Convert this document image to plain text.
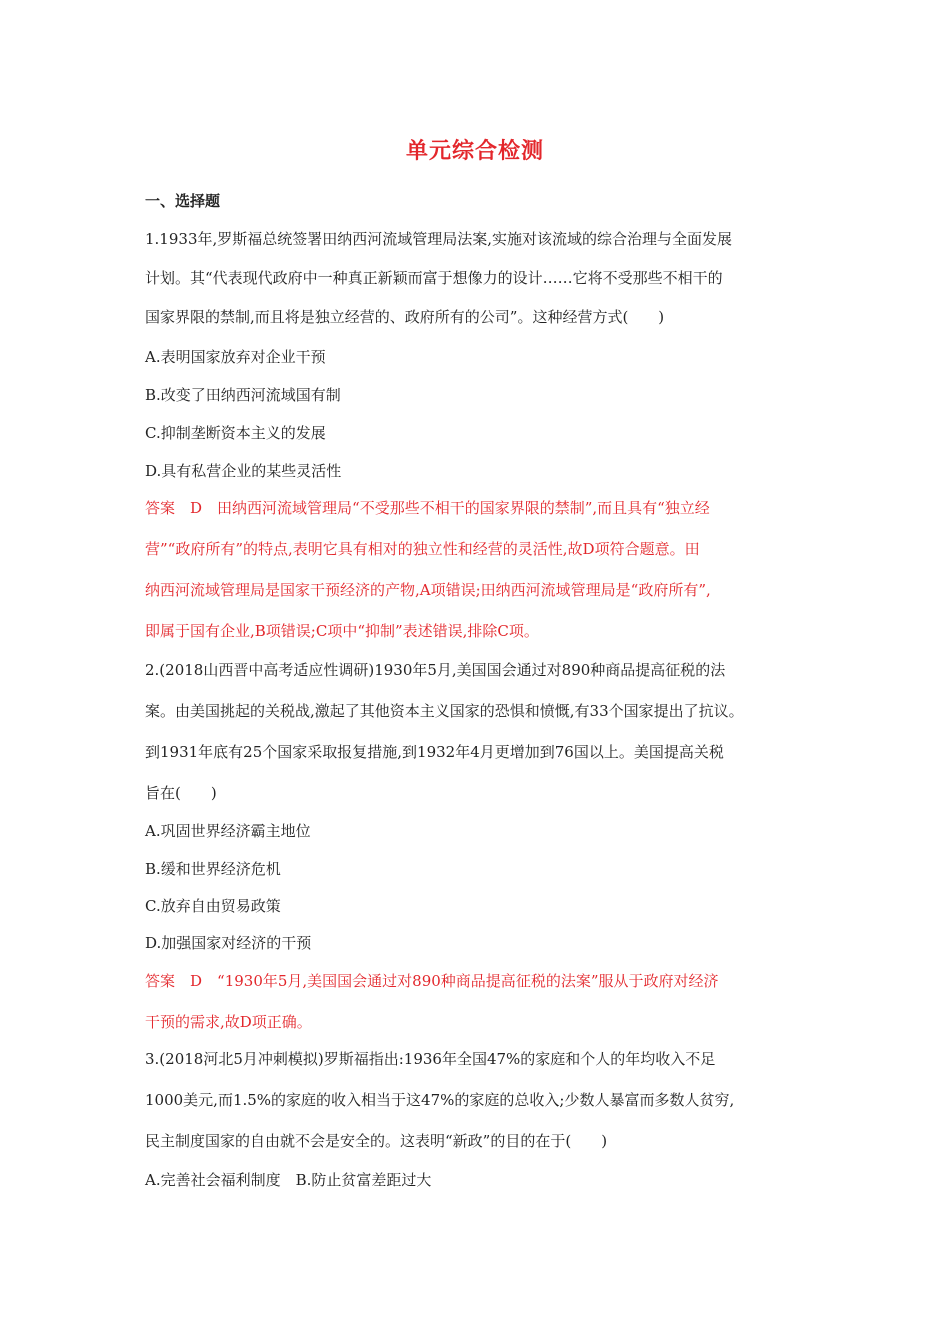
单元综合检测
一、选择题
1.1933年,罗斯福总统签署田纳西河流域管理局法案,实施对该流域的综合治理与全面发展
计划。其“代表现代政府中一种真正新颖而富于想像力的设计……它将不受那些不相干的
国家界限的禁制,而且将是独立经营的、政府所有的公司”。这种经营方式(　　)
A.表明国家放弃对企业干预
B.改变了田纳西河流域国有制
C.抑制垄断资本主义的发展
D.具有私营企业的某些灵活性
答案　D　田纳西河流域管理局“不受那些不相干的国家界限的禁制”,而且具有“独立经
营”“政府所有”的特点,表明它具有相对的独立性和经营的灵活性,故D项符合题意。田
纳西河流域管理局是国家干预经济的产物,A项错误;田纳西河流域管理局是“政府所有”,
即属于国有企业,B项错误;C项中“抑制”表述错误,排除C项。
2.(2018山西晋中高考适应性调研)1930年5月,美国国会通过对890种商品提高征税的法
案。由美国挑起的关税战,激起了其他资本主义国家的恐惧和愤慨,有33个国家提出了抗议。
到1931年底有25个国家采取报复措施,到1932年4月更增加到76国以上。美国提高关税
旨在(　　)
A.巩固世界经济霸主地位
B.缓和世界经济危机
C.放弃自由贸易政策
D.加强国家对经济的干预
答案　D　“1930年5月,美国国会通过对890种商品提高征税的法案”服从于政府对经济
干预的需求,故D项正确。
3.(2018河北5月冲刺模拟)罗斯福指出:1936年全国47%的家庭和个人的年均收入不足
1000美元,而1.5%的家庭的收入相当于这47%的家庭的总收入;少数人暴富而多数人贫穷,
民主制度国家的自由就不会是安全的。这表明“新政”的目的在于(　　)
A.完善社会福利制度　B.防止贫富差距过大
